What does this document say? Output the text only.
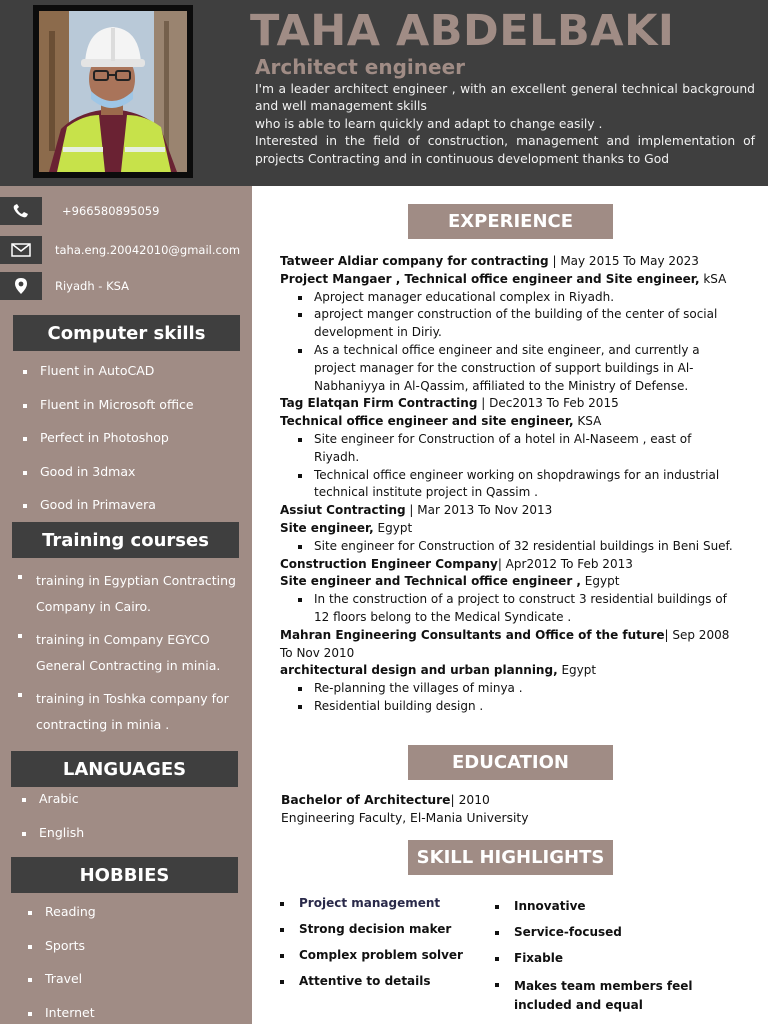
TAHA ABDELBAKI
Architect engineer

I'm a leader architect engineer , with an excellent general technical background and well management skills

who is able to learn quickly and adapt to change easily .

Interested in the field of construction, management and implementation of projects Contracting and in continuous development thanks to God

+966580895059
taha.eng.20042010@gmail.com
Riyadh - KSA
Computer skills
Fluent in AutoCAD
Fluent in Microsoft office
Perfect in Photoshop
Good in 3dmax
Good in Primavera
Training courses
training in Egyptian Contracting Company in Cairo.
training in Company EGYCO General Contracting in minia.
training in Toshka company for contracting in minia .
LANGUAGES
Arabic
English
HOBBIES
Reading
Sports
Travel
Internet
EXPERIENCE
Tatweer Aldiar company for contracting | May 2015 To May 2023
Project Mangaer , Technical office engineer and Site engineer, kSA
Aproject manager educational complex in Riyadh.
aproject manger construction of the building of the center of social development in Diriy.
As a technical office engineer and site engineer, and currently a project manager for the construction of support buildings in Al-Nabhaniyya in Al-Qassim, affiliated to the Ministry of Defense.
Tag Elatqan Firm Contracting | Dec2013 To Feb 2015
Technical office engineer and site engineer, KSA
Site engineer for Construction of a hotel in Al-Naseem , east of Riyadh.
Technical office engineer working on shopdrawings for an industrial technical institute project in Qassim .
Assiut Contracting | Mar 2013 To Nov 2013
Site engineer, Egypt
Site engineer for Construction of 32 residential buildings in Beni Suef.
Construction Engineer Company| Apr2012 To Feb 2013
Site engineer and Technical office engineer , Egypt
In the construction of a project to construct 3 residential buildings of 12 floors belong to the Medical Syndicate .
Mahran Engineering Consultants and Office of the future| Sep 2008 To Nov 2010
architectural design and urban planning, Egypt
Re-planning the villages of minya .
Residential building design .
EDUCATION
Bachelor of Architecture| 2010
Engineering Faculty, El-Mania University
SKILL HIGHLIGHTS
Project management
Strong decision maker
Complex problem solver
Attentive to details
Innovative
Service-focused
Fixable
Makes team members feel included and equal
